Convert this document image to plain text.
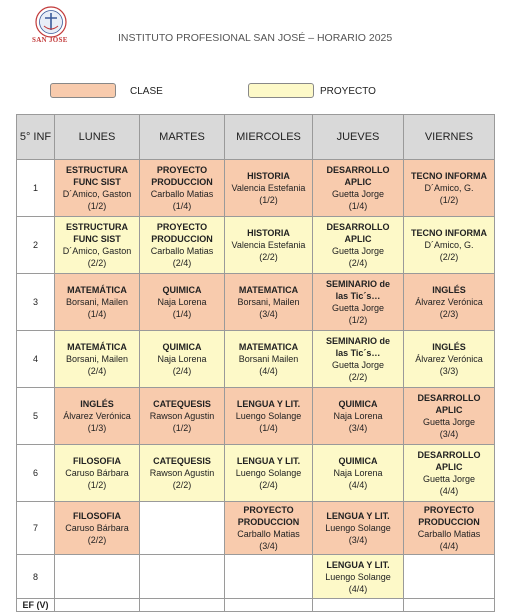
SAN JOSE	INSTITUTO PROFESIONAL SAN JOSÉ – HORARIO 2025
CLASE	PROYECTO
5° INF	LUNES	MARTES	MIERCOLES	JUEVES	VIERNES
1	ESTRUCTURA
FUNC SIST
D´Amico, Gaston
(1/2)	PROYECTO
PRODUCCION
Carballo Matias
(1/4)	HISTORIA
Valencia Estefania
(1/2)	DESARROLLO
APLIC
Guetta Jorge
(1/4)	TECNO INFORMA
D´Amico, G.
(1/2)

2	ESTRUCTURA
FUNC SIST
D´Amico, Gaston
(2/2)	PROYECTO
PRODUCCION
Carballo Matias
(2/4)	HISTORIA
Valencia Estefania
(2/2)	DESARROLLO
APLIC
Guetta Jorge
(2/4)	TECNO INFORMA
D´Amico, G.
(2/2)

3	MATEMÁTICA
Borsani, Mailen
(1/4)	QUIMICA
Naja Lorena
(1/4)	MATEMATICA
Borsani, Mailen
(3/4)	SEMINARIO de
las Tic´s…
Guetta Jorge
(1/2)	INGLÉS
Álvarez Verónica
(2/3)

4	MATEMÁTICA
Borsani, Mailen
(2/4)	QUIMICA
Naja Lorena
(2/4)	MATEMATICA
Borsani Mailen
(4/4)	SEMINARIO de
las Tic´s…
Guetta Jorge
(2/2)	INGLÉS
Álvarez Verónica
(3/3)

5	INGLÉS
Álvarez Verónica
(1/3)	CATEQUESIS
Rawson Agustin
(1/2)	LENGUA Y LIT.
Luengo Solange
(1/4)	QUIMICA
Naja Lorena
(3/4)	DESARROLLO
APLIC
Guetta Jorge
(3/4)

6	FILOSOFIA
Caruso Bárbara
(1/2)	CATEQUESIS
Rawson Agustin
(2/2)	LENGUA Y LIT.
Luengo Solange
(2/4)	QUIMICA
Naja Lorena
(4/4)	DESARROLLO
APLIC
Guetta Jorge
(4/4)

7	FILOSOFIA
Caruso Bárbara
(2/2)		PROYECTO
PRODUCCION
Carballo Matias
(3/4)	LENGUA Y LIT.
Luengo Solange
(3/4)	PROYECTO
PRODUCCION
Carballo Matias
(4/4)

8				LENGUA Y LIT.
Luengo Solange
(4/4)	

EF (V)					
